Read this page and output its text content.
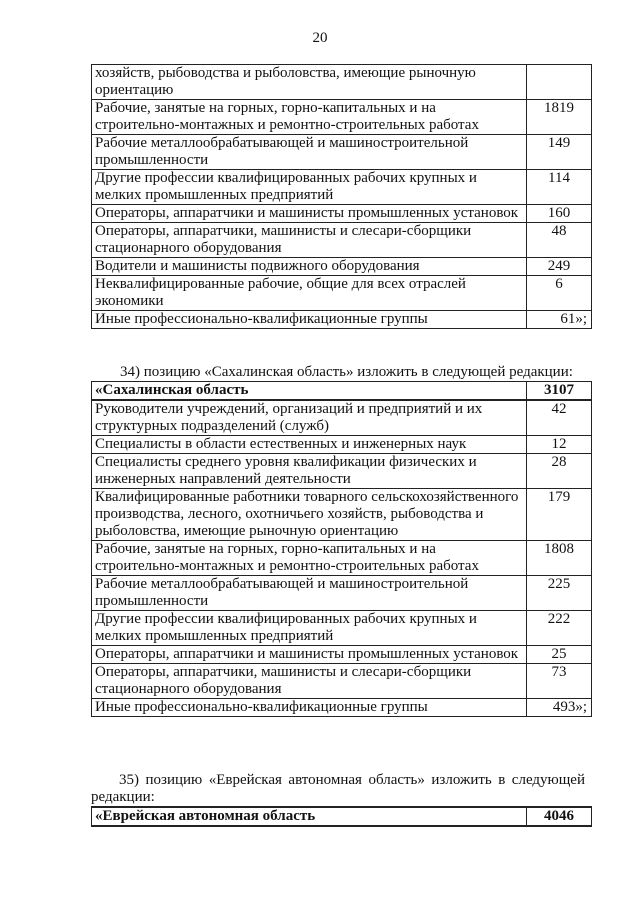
20
хозяйств, рыбоводства и рыболовства, имеющие рыночную ориентацию	
Рабочие, занятые на горных, горно-капитальных и на строительно-монтажных и ремонтно-строительных работах	1819
Рабочие металлообрабатывающей и машиностроительной промышленности	149
Другие профессии квалифицированных рабочих крупных и мелких промышленных предприятий	114
Операторы, аппаратчики и машинисты промышленных установок	160
Операторы, аппаратчики, машинисты и слесари-сборщики стационарного оборудования	48
Водители и машинисты подвижного оборудования	249
Неквалифицированные рабочие, общие для всех отраслей экономики	6
Иные профессионально-квалификационные группы	61»;
34) позицию «Сахалинская область» изложить в следующей редакции:
«Сахалинская область	3107
Руководители учреждений, организаций и предприятий и их структурных подразделений (служб)	42
Специалисты в области естественных и инженерных наук	12
Специалисты среднего уровня квалификации физических и инженерных направлений деятельности	28
Квалифицированные работники товарного сельскохозяйственного производства, лесного, охотничьего хозяйств, рыбоводства и рыболовства, имеющие рыночную ориентацию	179
Рабочие, занятые на горных, горно-капитальных и на строительно-монтажных и ремонтно-строительных работах	1808
Рабочие металлообрабатывающей и машиностроительной промышленности	225
Другие профессии квалифицированных рабочих крупных и мелких промышленных предприятий	222
Операторы, аппаратчики и машинисты промышленных установок	25
Операторы, аппаратчики, машинисты и слесари-сборщики стационарного оборудования	73
Иные профессионально-квалификационные группы	493»;
35) позицию «Еврейская автономная область» изложить в следующей редакции:
«Еврейская автономная область	4046
